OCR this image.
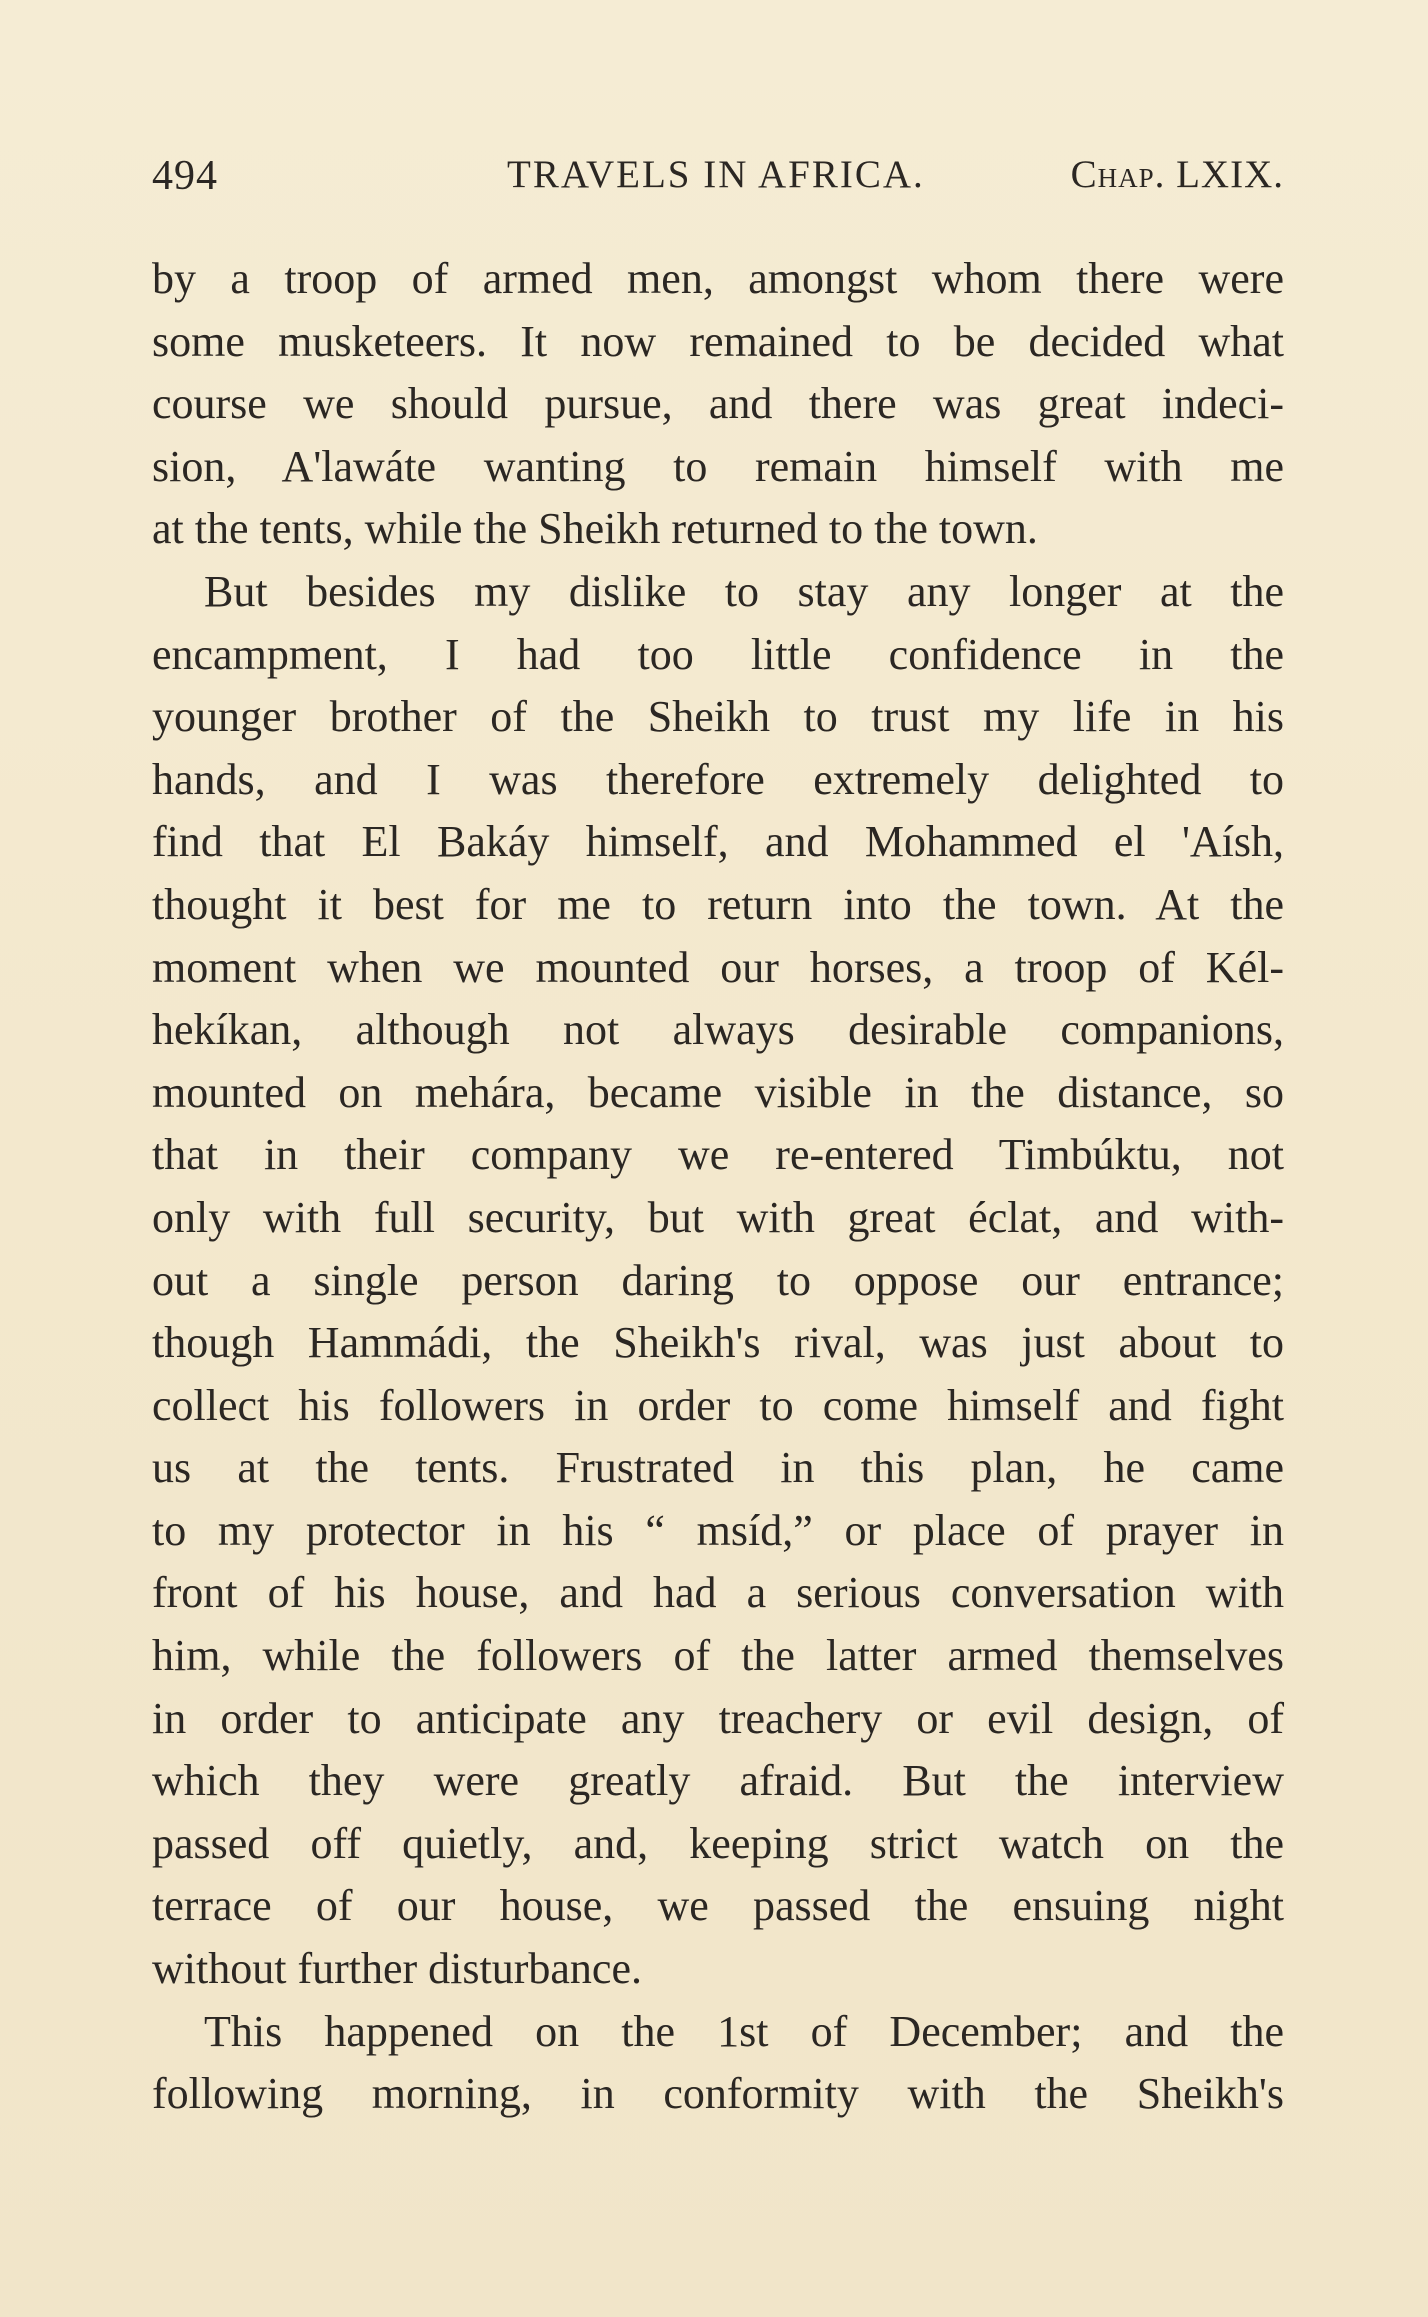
494	TRAVELS IN AFRICA.	Chap. LXIX.
by a troop of armed men, amongst whom there were
some musketeers. It now remained to be decided what
course we should pursue, and there was great indeci-
sion, A'lawáte wanting to remain himself with me
at the tents, while the Sheikh returned to the town.
But besides my dislike to stay any longer at the
encampment, I had too little confidence in the
younger brother of the Sheikh to trust my life in his
hands, and I was therefore extremely delighted to
find that El Bakáy himself, and Mohammed el 'Aísh,
thought it best for me to return into the town. At the
moment when we mounted our horses, a troop of Kél-
hekíkan, although not always desirable companions,
mounted on mehára, became visible in the distance, so
that in their company we re-entered Timbúktu, not
only with full security, but with great éclat, and with-
out a single person daring to oppose our entrance;
though Hammádi, the Sheikh's rival, was just about to
collect his followers in order to come himself and fight
us at the tents. Frustrated in this plan, he came
to my protector in his “ msíd,” or place of prayer in
front of his house, and had a serious conversation with
him, while the followers of the latter armed themselves
in order to anticipate any treachery or evil design, of
which they were greatly afraid. But the interview
passed off quietly, and, keeping strict watch on the
terrace of our house, we passed the ensuing night
without further disturbance.
This happened on the 1st of December; and the
following morning, in conformity with the Sheikh's
